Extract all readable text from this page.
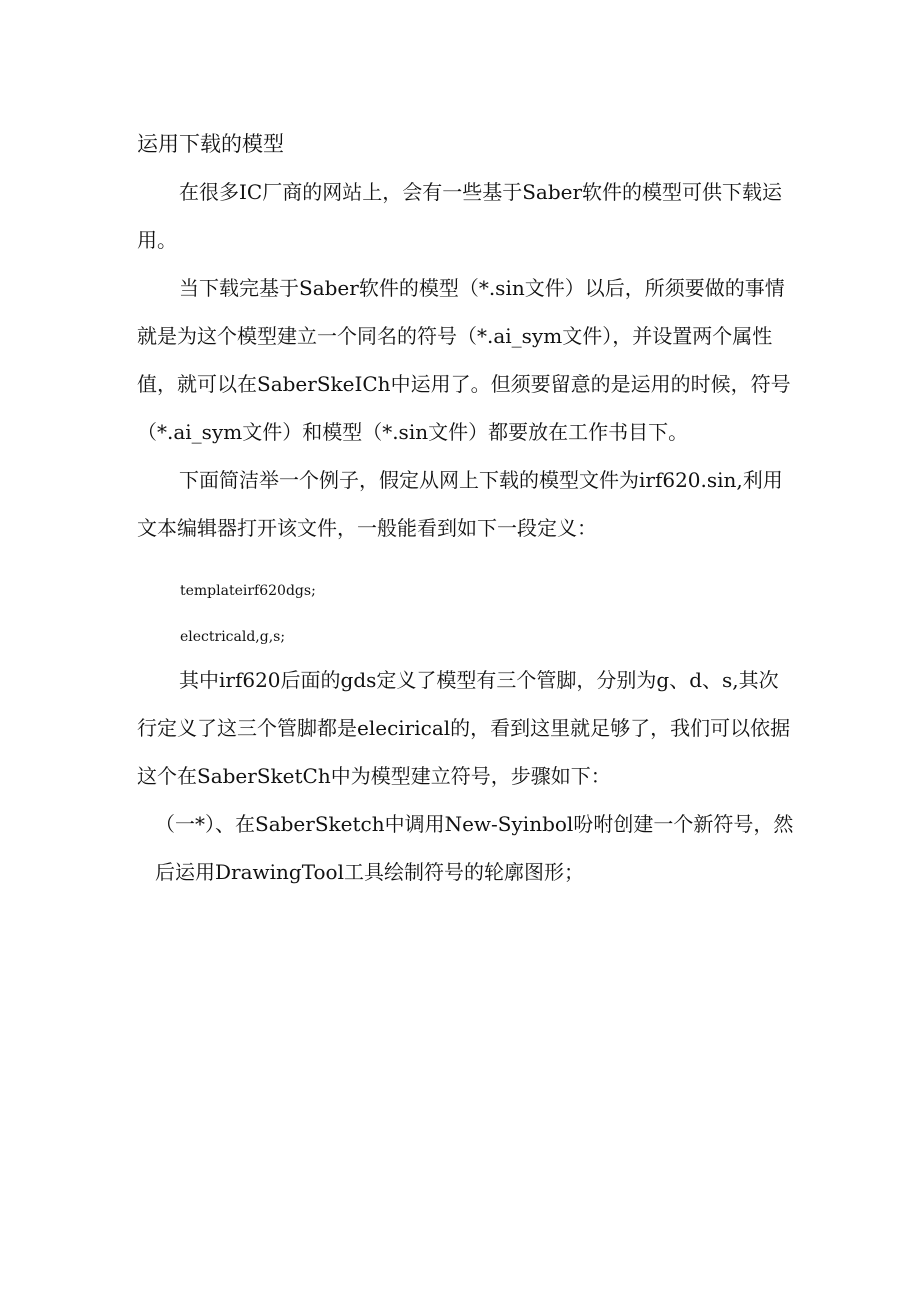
运用下载的模型

在很多IC厂商的网站上，会有一些基于Saber软件的模型可供下载运用。

当下载完基于Saber软件的模型（*.sin文件）以后，所须要做的事情就是为这个模型建立一个同名的符号（*.ai_sym文件），并设置两个属性值，就可以在SaberSkeICh中运用了。但须要留意的是运用的时候，符号（*.ai_sym文件）和模型（*.sin文件）都要放在工作书目下。

下面简洁举一个例子，假定从网上下载的模型文件为irf620.sin,利用文本编辑器打开该文件，一般能看到如下一段定义：

templateirf620dgs;
electricald,g,s;

其中irf620后面的gds定义了模型有三个管脚，分别为g、d、s,其次行定义了这三个管脚都是elecirical的，看到这里就足够了，我们可以依据这个在SaberSketCh中为模型建立符号，步骤如下：

（一*）、在SaberSketch中调用New-Syinbol吩咐创建一个新符号，然后运用DrawingTool工具绘制符号的轮廓图形；
